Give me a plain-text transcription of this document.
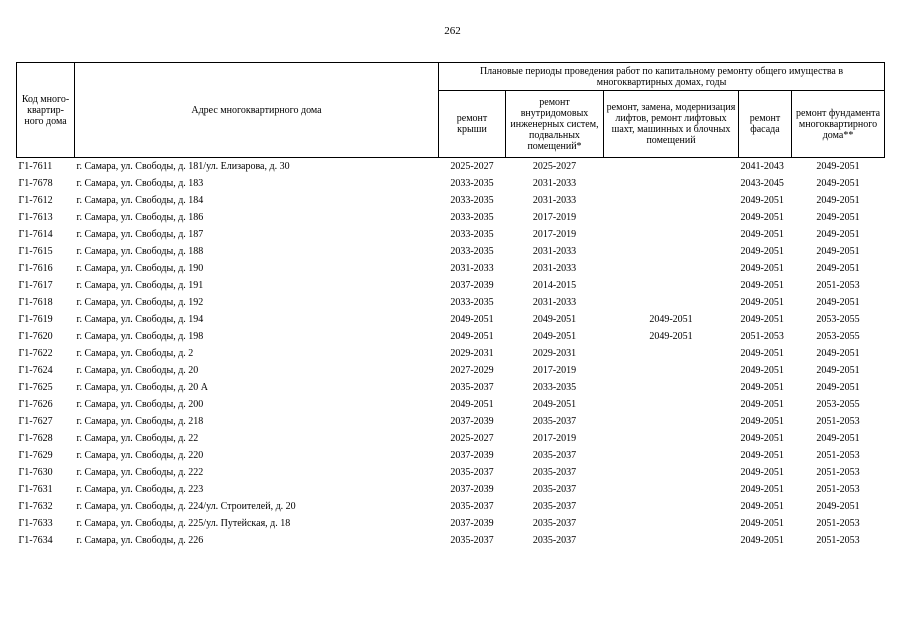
262
Код много-квартир-ного дома	Адрес многоквартирного дома	Плановые периоды проведения работ по капитальному ремонту общего имущества в многоквартирных домах, годы				
		ремонт крыши	ремонт внутридомовых инженерных систем, подвальных помещений*	ремонт, замена, модернизация лифтов, ремонт лифтовых шахт, машинных и блочных помещений	ремонт фасада	ремонт фундамента многоквартирного дома**
Г1-7611	г. Самара, ул. Свободы, д. 181/ул. Елизарова, д. 30	2025-2027	2025-2027		2041-2043	2049-2051
Г1-7678	г. Самара, ул. Свободы, д. 183	2033-2035	2031-2033		2043-2045	2049-2051
Г1-7612	г. Самара, ул. Свободы, д. 184	2033-2035	2031-2033		2049-2051	2049-2051
Г1-7613	г. Самара, ул. Свободы, д. 186	2033-2035	2017-2019		2049-2051	2049-2051
Г1-7614	г. Самара, ул. Свободы, д. 187	2033-2035	2017-2019		2049-2051	2049-2051
Г1-7615	г. Самара, ул. Свободы, д. 188	2033-2035	2031-2033		2049-2051	2049-2051
Г1-7616	г. Самара, ул. Свободы, д. 190	2031-2033	2031-2033		2049-2051	2049-2051
Г1-7617	г. Самара, ул. Свободы, д. 191	2037-2039	2014-2015		2049-2051	2051-2053
Г1-7618	г. Самара, ул. Свободы, д. 192	2033-2035	2031-2033		2049-2051	2049-2051
Г1-7619	г. Самара, ул. Свободы, д. 194	2049-2051	2049-2051	2049-2051	2049-2051	2053-2055
Г1-7620	г. Самара, ул. Свободы, д. 198	2049-2051	2049-2051	2049-2051	2051-2053	2053-2055
Г1-7622	г. Самара, ул. Свободы, д. 2	2029-2031	2029-2031		2049-2051	2049-2051
Г1-7624	г. Самара, ул. Свободы, д. 20	2027-2029	2017-2019		2049-2051	2049-2051
Г1-7625	г. Самара, ул. Свободы, д. 20 А	2035-2037	2033-2035		2049-2051	2049-2051
Г1-7626	г. Самара, ул. Свободы, д. 200	2049-2051	2049-2051		2049-2051	2053-2055
Г1-7627	г. Самара, ул. Свободы, д. 218	2037-2039	2035-2037		2049-2051	2051-2053
Г1-7628	г. Самара, ул. Свободы, д. 22	2025-2027	2017-2019		2049-2051	2049-2051
Г1-7629	г. Самара, ул. Свободы, д. 220	2037-2039	2035-2037		2049-2051	2051-2053
Г1-7630	г. Самара, ул. Свободы, д. 222	2035-2037	2035-2037		2049-2051	2051-2053
Г1-7631	г. Самара, ул. Свободы, д. 223	2037-2039	2035-2037		2049-2051	2051-2053
Г1-7632	г. Самара, ул. Свободы, д. 224/ул. Строителей, д. 20	2035-2037	2035-2037		2049-2051	2049-2051
Г1-7633	г. Самара, ул. Свободы, д. 225/ул. Путейская, д. 18	2037-2039	2035-2037		2049-2051	2051-2053
Г1-7634	г. Самара, ул. Свободы, д. 226	2035-2037	2035-2037		2049-2051	2051-2053
